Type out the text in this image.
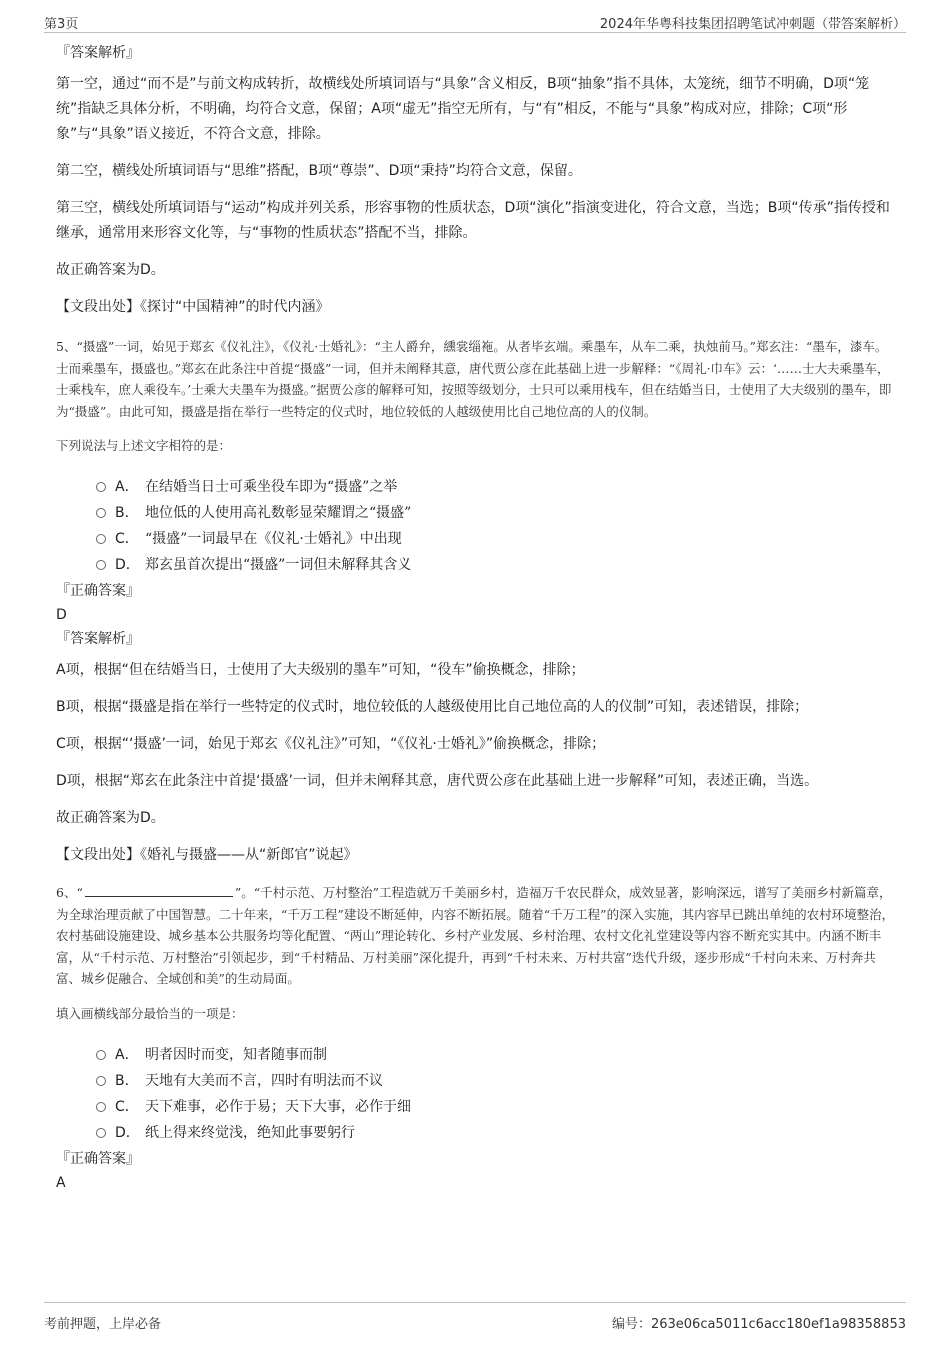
第3页	2024年华粤科技集团招聘笔试冲刺题（带答案解析）
『答案解析』

第一空，通过“而不是”与前文构成转折，故横线处所填词语与“具象”含义相反，B项“抽象”指不具体，太笼统，细节不明确，D项“笼统”指缺乏具体分析，不明确，均符合文意，保留；A项“虚无”指空无所有，与“有”相反，不能与“具象”构成对应，排除；C项“形象”与“具象”语义接近，不符合文意，排除。

第二空，横线处所填词语与“思维”搭配，B项“尊崇”、D项“秉持”均符合文意，保留。

第三空，横线处所填词语与“运动”构成并列关系，形容事物的性质状态，D项“演化”指演变进化，符合文意，当选；B项“传承”指传授和继承，通常用来形容文化等，与“事物的性质状态”搭配不当，排除。

故正确答案为D。

【文段出处】《探讨“中国精神”的时代内涵》

5、“摄盛”一词，始见于郑玄《仪礼注》，《仪礼·士婚礼》：“主人爵弁，纁裳缁袘。从者毕玄端。乘墨车，从车二乘，执烛前马。”郑玄注：“墨车，漆车。士而乘墨车，摄盛也。”郑玄在此条注中首提“摄盛”一词，但并未阐释其意，唐代贾公彦在此基础上进一步解释：“《周礼·巾车》云：‘……士大夫乘墨车，士乘栈车，庶人乘役车。’士乘大夫墨车为摄盛。”据贾公彦的解释可知，按照等级划分，士只可以乘用栈车，但在结婚当日，士使用了大夫级别的墨车，即为“摄盛”。由此可知，摄盛是指在举行一些特定的仪式时，地位较低的人越级使用比自己地位高的人的仪制。

下列说法与上述文字相符的是：

A． 在结婚当日士可乘坐役车即为“摄盛”之举
B． 地位低的人使用高礼数彰显荣耀谓之“摄盛”
C． “摄盛”一词最早在《仪礼·士婚礼》中出现
D． 郑玄虽首次提出“摄盛”一词但未解释其含义
『正确答案』
D
『答案解析』

A项，根据“但在结婚当日，士使用了大夫级别的墨车”可知，“役车”偷换概念，排除；

B项，根据“摄盛是指在举行一些特定的仪式时，地位较低的人越级使用比自己地位高的人的仪制”可知，表述错误，排除；

C项，根据“‘摄盛’一词，始见于郑玄《仪礼注》”可知，“《仪礼·士婚礼》”偷换概念，排除；

D项，根据“郑玄在此条注中首提‘摄盛’一词，但并未阐释其意，唐代贾公彦在此基础上进一步解释”可知，表述正确，当选。

故正确答案为D。

【文段出处】《婚礼与摄盛——从“新郎官”说起》

6、“	”。“千村示范、万村整治”工程造就万千美丽乡村，造福万千农民群众，成效显著，影响深远，谱写了美丽乡村新篇章，为全球治理贡献了中国智慧。二十年来，“千万工程”建设不断延伸，内容不断拓展。随着“千万工程”的深入实施，其内容早已跳出单纯的农村环境整治，农村基础设施建设、城乡基本公共服务均等化配置、“两山”理论转化、乡村产业发展、乡村治理、农村文化礼堂建设等内容不断充实其中。内涵不断丰富，从“千村示范、万村整治”引领起步，到“千村精品、万村美丽”深化提升，再到“千村未来、万村共富”迭代升级，逐步形成“千村向未来、万村奔共富、城乡促融合、全域创和美”的生动局面。

填入画横线部分最恰当的一项是：

A． 明者因时而变，知者随事而制
B． 天地有大美而不言，四时有明法而不议
C． 天下难事，必作于易；天下大事，必作于细
D． 纸上得来终觉浅，绝知此事要躬行
『正确答案』
A
考前押题，上岸必备	编号：263e06ca5011c6acc180ef1a98358853
